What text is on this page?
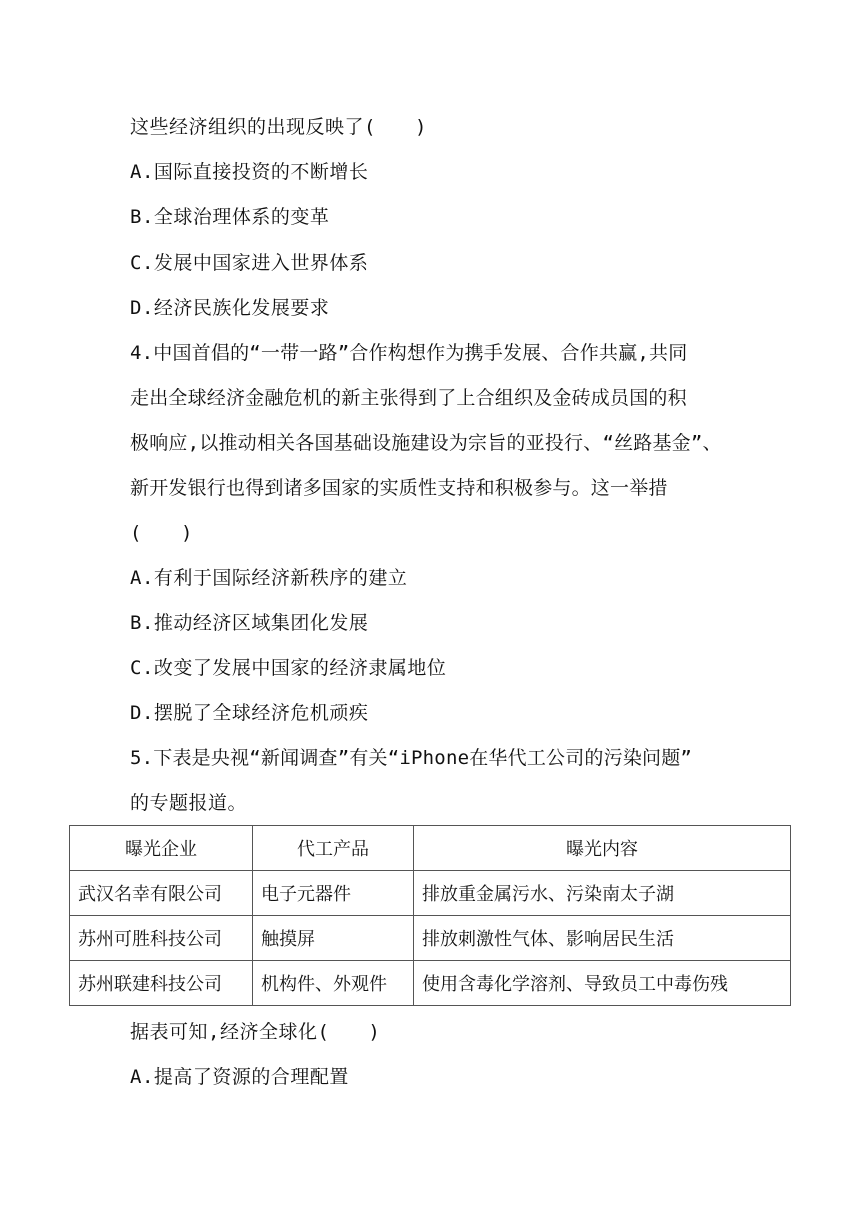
这些经济组织的出现反映了(　　)
A.国际直接投资的不断增长
B.全球治理体系的变革
C.发展中国家进入世界体系
D.经济民族化发展要求
4.中国首倡的“一带一路”合作构想作为携手发展、合作共赢,共同
走出全球经济金融危机的新主张得到了上合组织及金砖成员国的积
极响应,以推动相关各国基础设施建设为宗旨的亚投行、“丝路基金”、
新开发银行也得到诸多国家的实质性支持和积极参与。这一举措
(　　)
A.有利于国际经济新秩序的建立
B.推动经济区域集团化发展
C.改变了发展中国家的经济隶属地位
D.摆脱了全球经济危机顽疾
5.下表是央视“新闻调查”有关“iPhone在华代工公司的污染问题”
的专题报道。
曝光企业	代工产品	曝光内容
武汉名幸有限公司	电子元器件	排放重金属污水、污染南太子湖
苏州可胜科技公司	触摸屏	排放刺激性气体、影响居民生活
苏州联建科技公司	机构件、外观件	使用含毒化学溶剂、导致员工中毒伤残
据表可知,经济全球化(　　)
A.提高了资源的合理配置
